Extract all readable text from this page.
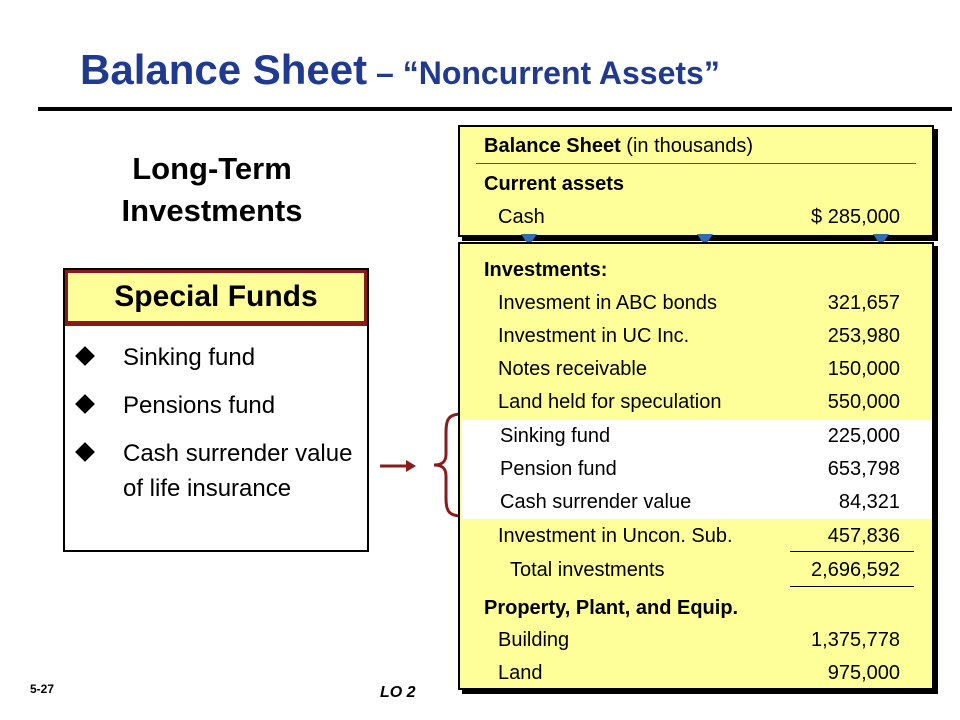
Balance Sheet – “Noncurrent Assets”
Long-Term
Investments
Special Funds
Sinking fund
Pensions fund
Cash surrender value of life insurance
Balance Sheet (in thousands)
Current assets
Cash	$ 285,000
Investments:
Invesment in ABC bonds	321,657
Investment in UC Inc.	253,980
Notes receivable	150,000
Land held for speculation	550,000
Sinking fund	225,000
Pension fund	653,798
Cash surrender value	84,321
Investment in Uncon. Sub.	457,836
Total investments	2,696,592
Property, Plant, and Equip.
Building	1,375,778
Land	975,000
5-27	LO 2
